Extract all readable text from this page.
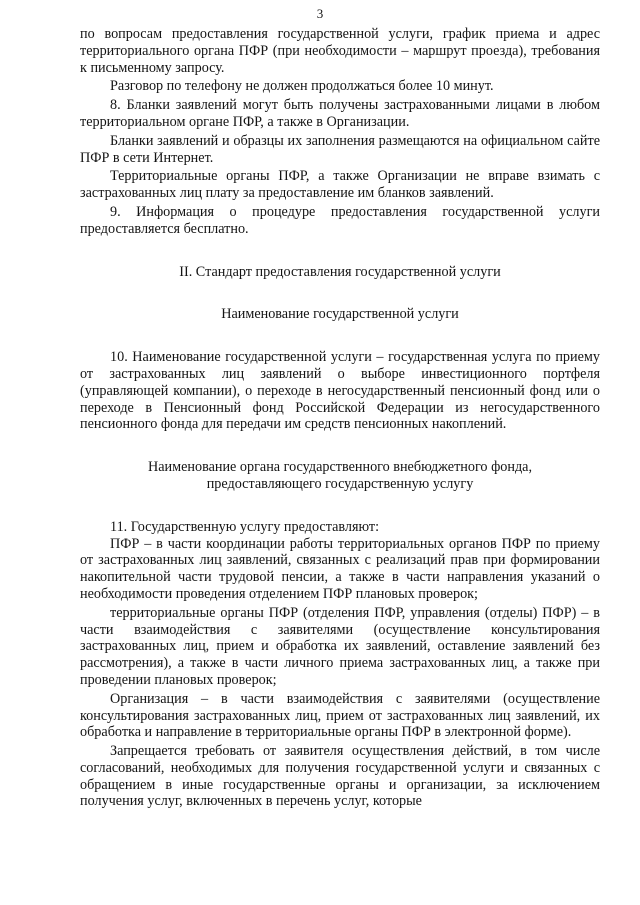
3

по вопросам предоставления государственной услуги, график приема и адрес территориального органа ПФР (при необходимости – маршрут проезда), требования к письменному запросу.

Разговор по телефону не должен продолжаться более 10 минут.

8. Бланки заявлений могут быть получены застрахованными лицами в любом территориальном органе ПФР, а также в Организации.

Бланки заявлений и образцы их заполнения размещаются на официальном сайте ПФР в сети Интернет.

Территориальные органы ПФР, а также Организации не вправе взимать с застрахованных лиц плату за предоставление им бланков заявлений.

9. Информация о процедуре предоставления государственной услуги предоставляется бесплатно.

II. Стандарт предоставления государственной услуги
Наименование государственной услуги

10. Наименование государственной услуги – государственная услуга по приему от застрахованных лиц заявлений о выборе инвестиционного портфеля (управляющей компании), о переходе в негосударственный пенсионный фонд или о переходе в Пенсионный фонд Российской Федерации из негосударственного пенсионного фонда для передачи им средств пенсионных накоплений.

Наименование органа государственного внебюджетного фонда,
предоставляющего государственную услугу

11. Государственную услугу предоставляют:

ПФР – в части координации работы территориальных органов ПФР по приему от застрахованных лиц заявлений, связанных с реализаций прав при формировании накопительной части трудовой пенсии, а также в части направления указаний о необходимости проведения отделением ПФР плановых проверок;

территориальные органы ПФР (отделения ПФР, управления (отделы) ПФР) – в части взаимодействия с заявителями (осуществление консультирования застрахованных лиц, прием и обработка их заявлений, оставление заявлений без рассмотрения), а также в части личного приема застрахованных лиц, а также при проведении плановых проверок;

Организация – в части взаимодействия с заявителями (осуществление консультирования застрахованных лиц, прием от застрахованных лиц заявлений, их обработка и направление в территориальные органы ПФР в электронной форме).

Запрещается требовать от заявителя осуществления действий, в том числе согласований, необходимых для получения государственной услуги и связанных с обращением в иные государственные органы и организации, за исключением получения услуг, включенных в перечень услуг, которые
